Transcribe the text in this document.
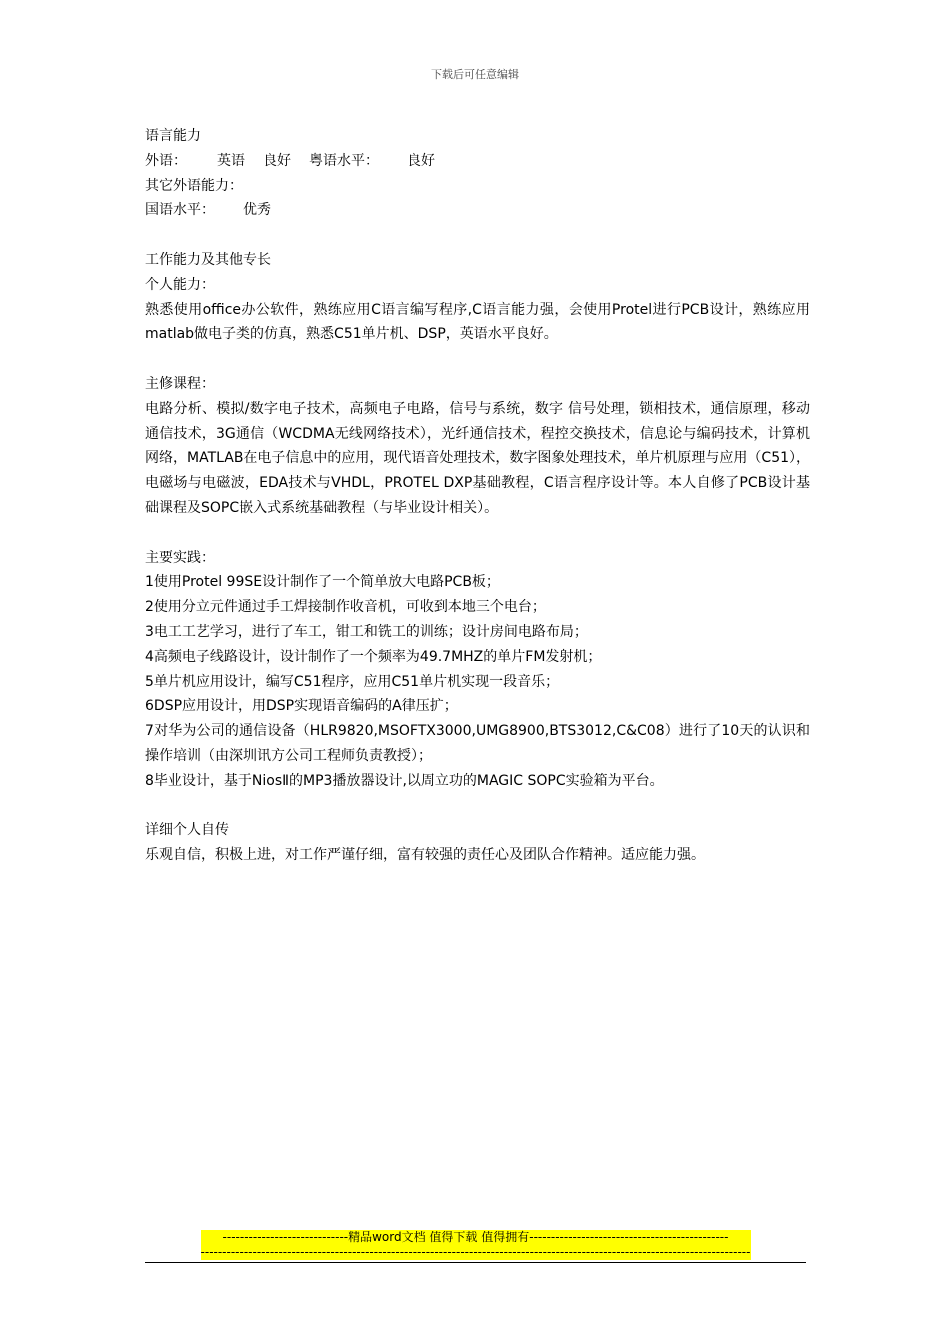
下载后可任意编辑
语言能力
外语： 英语 良好 粤语水平： 良好
其它外语能力：
国语水平： 优秀
工作能力及其他专长
个人能力：
熟悉使用office办公软件，熟练应用C语言编写程序,C语言能力强，会使用Protel进行PCB设计，熟练应用matlab做电子类的仿真，熟悉C51单片机、DSP，英语水平良好。
主修课程：
电路分析、模拟/数字电子技术，高频电子电路，信号与系统，数字 信号处理，锁相技术，通信原理，移动通信技术，3G通信（WCDMA无线网络技术），光纤通信技术，程控交换技术，信息论与编码技术，计算机网络，MATLAB在电子信息中的应用，现代语音处理技术，数字图象处理技术，单片机原理与应用（C51），电磁场与电磁波，EDA技术与VHDL，PROTEL DXP基础教程，C语言程序设计等。本人自修了PCB设计基础课程及SOPC嵌入式系统基础教程（与毕业设计相关）。
主要实践：
1使用Protel 99SE设计制作了一个简单放大电路PCB板；
2使用分立元件通过手工焊接制作收音机，可收到本地三个电台；
3电工工艺学习，进行了车工，钳工和铣工的训练；设计房间电路布局；
4高频电子线路设计，设计制作了一个频率为49.7MHZ的单片FM发射机；
5单片机应用设计，编写C51程序，应用C51单片机实现一段音乐；
6DSP应用设计，用DSP实现语音编码的A律压扩；
7对华为公司的通信设备（HLR9820,MSOFTX3000,UMG8900,BTS3012,C&C08）进行了10天的认识和操作培训（由深圳讯方公司工程师负责教授）；
8毕业设计，基于NiosⅡ的MP3播放器设计,以周立功的MAGIC SOPC实验箱为平台。
详细个人自传
乐观自信，积极上进，对工作严谨仔细，富有较强的责任心及团队合作精神。适应能力强。
-----------------------------精品word文档 值得下载 值得拥有----------------------------------------------
-------------------------------------------------------------------------------------------------------------------------------
